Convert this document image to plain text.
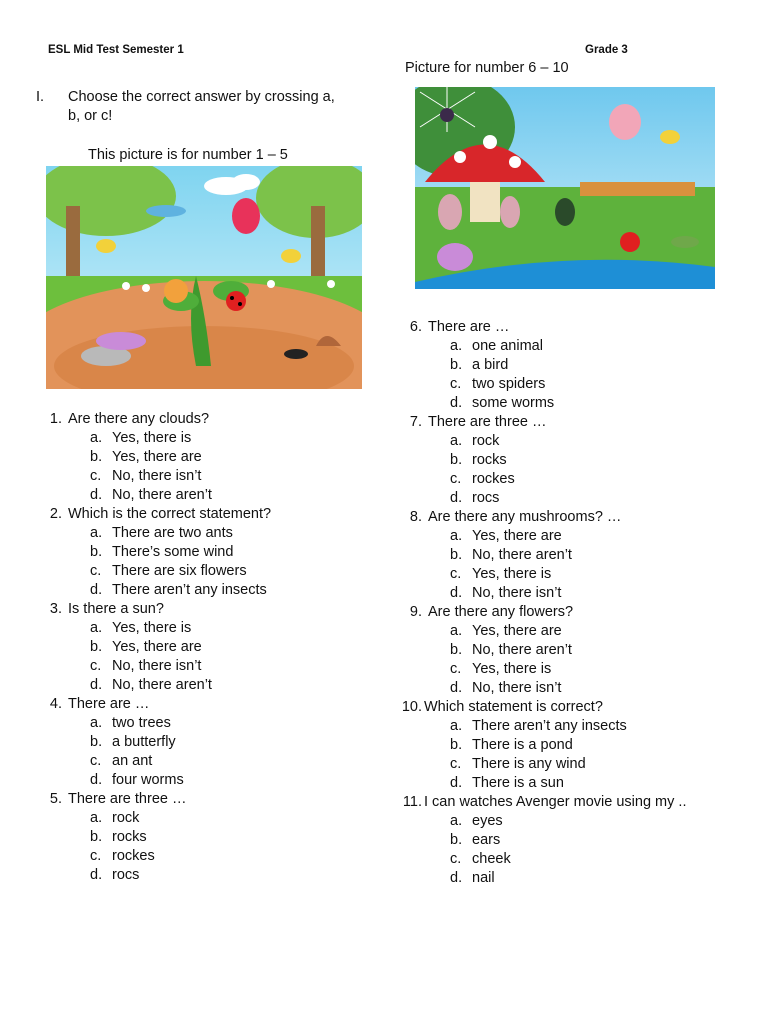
ESL Mid Test Semester 1	Grade 3
Picture for number 6 – 10
I. Choose the correct answer by crossing a,
b, or c!
This picture is for number 1 – 5
1. Are there any clouds?
a. Yes, there is
b. Yes, there are
c. No, there isn’t
d. No, there aren’t
2. Which is the correct statement?
a. There are two ants
b. There’s some wind
c. There are six flowers
d. There aren’t any insects
3. Is there a sun?
a. Yes, there is
b. Yes, there are
c. No, there isn’t
d. No, there aren’t
4. There are …
a. two trees
b. a butterfly
c. an ant
d. four worms
5. There are three …
a. rock
b. rocks
c. rockes
d. rocs
6. There are …
a. one animal
b. a bird
c. two spiders
d. some worms
7. There are three …
a. rock
b. rocks
c. rockes
d. rocs
8. Are there any mushrooms? …
a. Yes, there are
b. No, there aren’t
c. Yes, there is
d. No, there isn’t
9. Are there any flowers?
a. Yes, there are
b. No, there aren’t
c. Yes, there is
d. No, there isn’t
10. Which statement is correct?
a. There aren’t any insects
b. There is a pond
c. There is any wind
d. There is a sun
11. I can watches Avenger movie using my ..
a. eyes
b. ears
c. cheek
d. nail
